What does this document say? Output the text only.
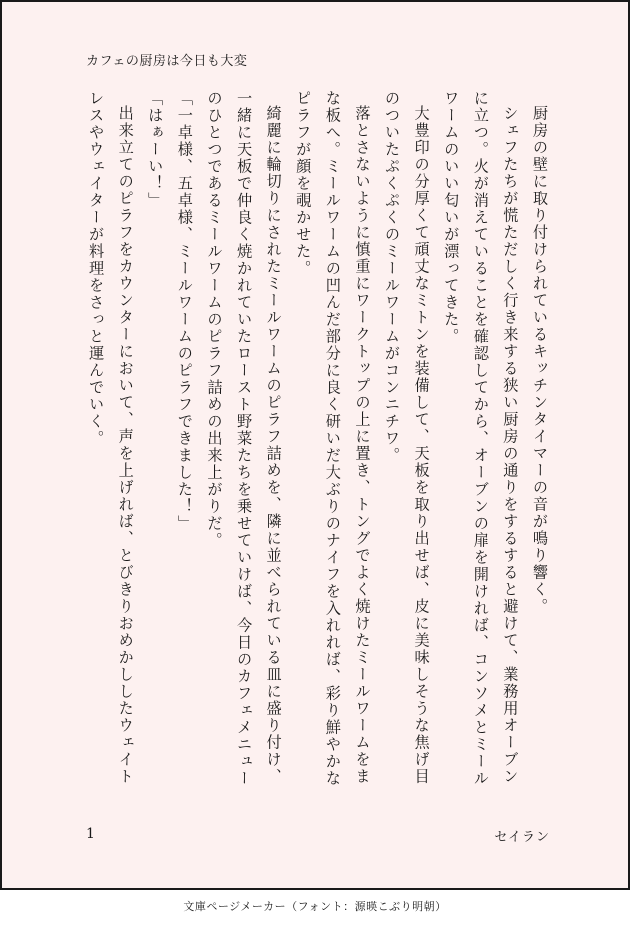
カフェの厨房は今日も大変

厨房の壁に取り付けられているキッチンタイマーの音が鳴り響く。

シェフたちが慌ただしく行き来する狭い厨房の通りをするすると避けて、業務用オーブンに立つ。火が消えていることを確認してから、オーブンの扉を開ければ、コンソメとミールワームのいい匂いが漂ってきた。

大豊印の分厚くて頑丈なミトンを装備して、天板を取り出せば、皮に美味しそうな焦げ目のついたぷくぷくのミールワームがコンニチワ。

落とさないように慎重にワークトップの上に置き、トングでよく焼けたミールワームをまな板へ。ミールワームの凹んだ部分に良く研いだ大ぶりのナイフを入れれば、彩り鮮やかなピラフが顔を覗かせた。

綺麗に輪切りにされたミールワームのピラフ詰めを、隣に並べられている皿に盛り付け、一緒に天板で仲良く焼かれていたロースト野菜たちを乗せていけば、今日のカフェメニューのひとつであるミールワームのピラフ詰めの出来上がりだ。

「一卓様、五卓様、ミールワームのピラフできました！」

「はぁーい！」

出来立てのピラフをカウンターにおいて、声を上げれば、とびきりおめかししたウェイトレスやウェイターが料理をさっと運んでいく。

1	セイラン
文庫ページメーカー（フォント：源暎こぶり明朝）
